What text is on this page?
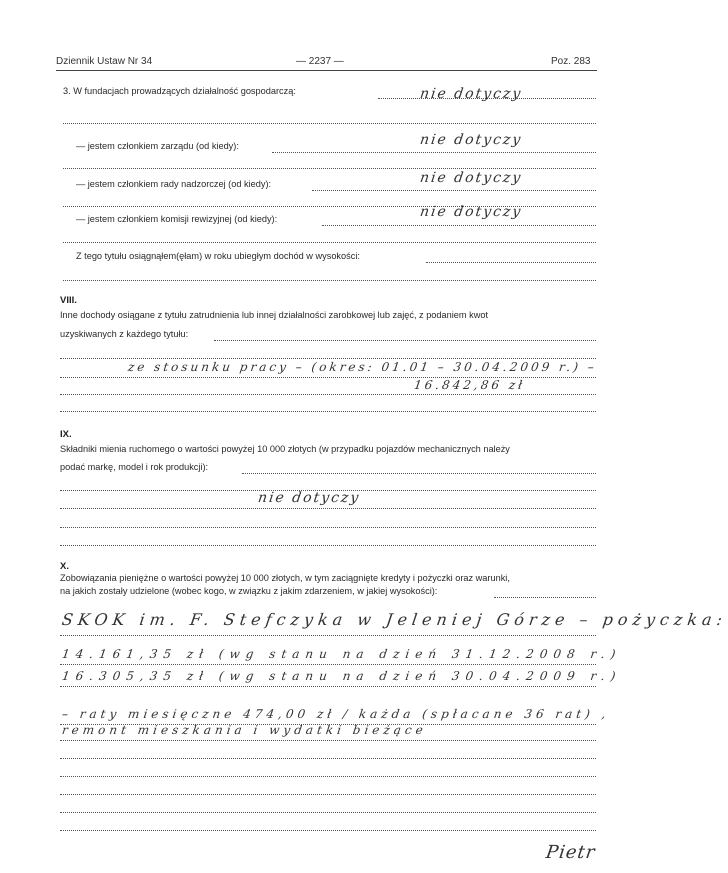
Dziennik Ustaw Nr 34	— 2237 —	Poz. 283
3. W fundacjach prowadzących działalność gospodarczą:	nie dotyczy
— jestem członkiem zarządu (od kiedy):	nie dotyczy
— jestem członkiem rady nadzorczej (od kiedy):	nie dotyczy
— jestem członkiem komisji rewizyjnej (od kiedy):	nie dotyczy
Z tego tytułu osiągnąłem(ęłam) w roku ubiegłym dochód w wysokości:
VIII.
Inne dochody osiągane z tytułu zatrudnienia lub innej działalności zarobkowej lub zajęć, z podaniem kwot
uzyskiwanych z każdego tytułu:
ze stosunku pracy – (okres: 01.01 – 30.04.2009 r.) –
16.842,86 zł
IX.
Składniki mienia ruchomego o wartości powyżej 10 000 złotych (w przypadku pojazdów mechanicznych należy
podać markę, model i rok produkcji):
nie dotyczy
X.
Zobowiązania pieniężne o wartości powyżej 10 000 złotych, w tym zaciągnięte kredyty i pożyczki oraz warunki,
na jakich zostały udzielone (wobec kogo, w związku z jakim zdarzeniem, w jakiej wysokości):
SKOK im. F. Stefczyka w Jeleniej Górze – pożyczka:
14.161,35 zł (wg stanu na dzień 31.12.2008 r.)
16.305,35 zł (wg stanu na dzień 30.04.2009 r.)
– raty miesięczne 474,00 zł / każda (spłacane 36 rat) ,
remont mieszkania i wydatki bieżące
Pietr
